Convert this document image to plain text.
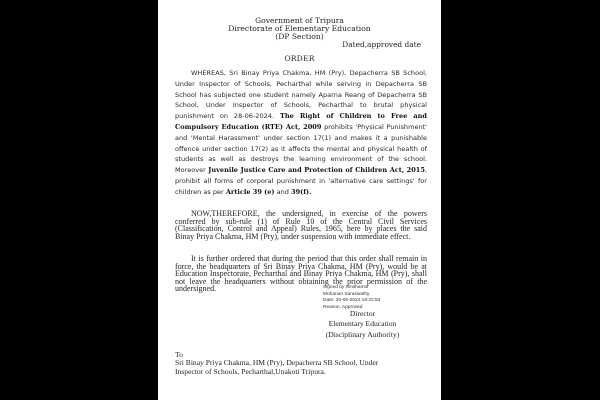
Government of Tripura
Directorate of Elementary Education
(DP Section)
Dated,approved date
ORDER
WHEREAS, Sri Binay Priya Chakma, HM (Pry), Depacherra SB School, Under Inspector of Schools, Pecharthal while serving in Depacherra SB School has subjected one student namely Aparna Reang of Depacherra SB School, Under Inspector of Schools, Pecharthal to brutal physical punishment on 28-06-2024. The Right of Children to Free and Compulsory Education (RTE) Act, 2009 prohibits 'Physical Punishment' and 'Mental Harassment' under section 17(1) and makes it a punishable offence under section 17(2) as it affects the mental and physical health of students as well as destroys the learning environment of the school. Moreover Juvenile Justice Care and Protection of Children Act, 2015, prohibit all forms of corporal punishment in 'alternative care settings' for children as per Article 39 (e) and 39(f).
NOW,THEREFORE, the undersigned, in exercise of the powers conferred by sub-rule (1) of Rule 10 of the Central Civil Services (Classification, Control and Appeal) Rules, 1965, here by places the said Binay Priya Chakma, HM (Pry), under suspension with immediate effect.
It is further ordered that during the period that this order shall remain in force, the headquarters of Sri Binay Priya Chakma, HM (Pry), would be at Education Inspectorate, Pecharthal and Binay Priya Chakma, HM (Pry), shall not leave the headquarters without obtaining the prior permission of the undersigned.	Signed by Smithamol
Mohanan Saraswathy
Date: 30-06-2024 18:22:53
Reason: Approved
Director
Elementary Education
(Disciplinary Authority)
To
Sri Binay Priya Chakma, HM (Pry), Depacherra SB School, Under
Inspector of Schools, Pecharthal,Unakoti Tripura.
